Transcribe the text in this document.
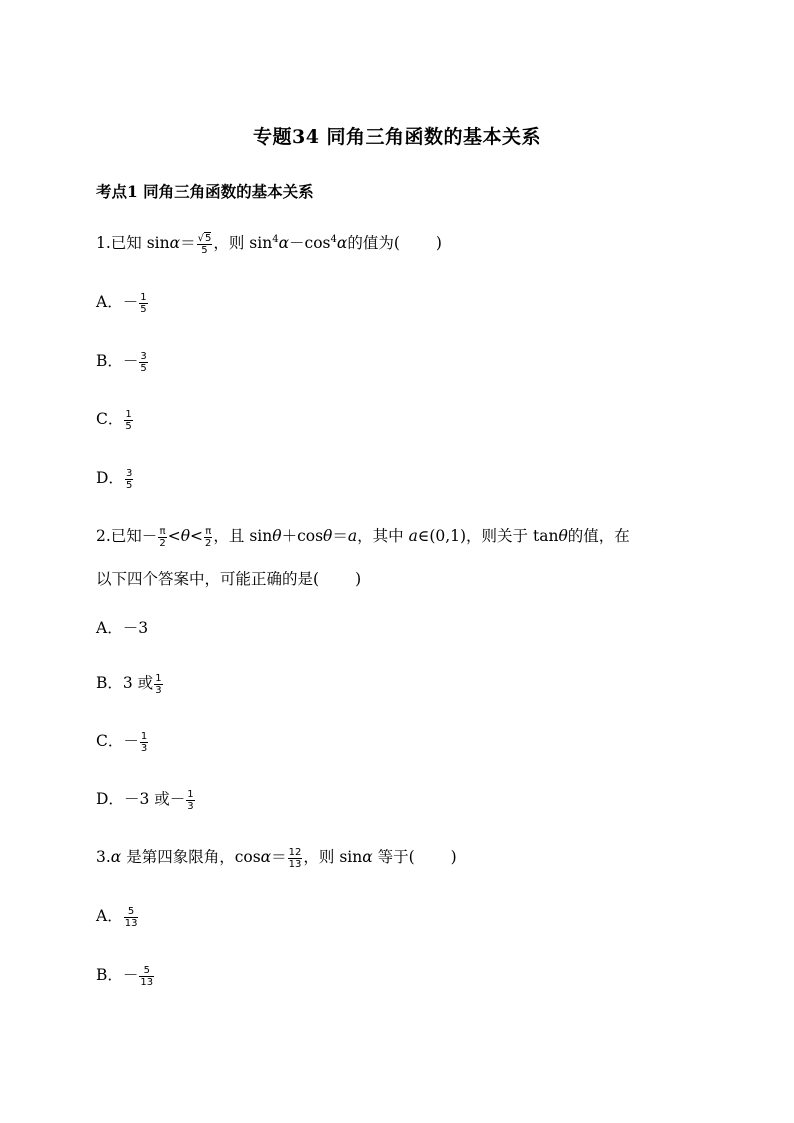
专题34 同角三角函数的基本关系
考点1 同角三角函数的基本关系
1.已知 $\sin\alpha= \frac{√5}{5}$ ，则 $\sin^4\alpha-\cos^4\alpha$的值为( )
A．－ $\frac{1}{5}$
B．－ $\frac{3}{5}$
C． $\frac{1}{5}$
D． $\frac{3}{5}$
2.已知－ $\frac{\pi}{2} <\theta< \frac{\pi}{2}$ ，且 sinθ＋cosθ＝a，其中 a∈(0,1)，则关于 tanθ的值，在
以下四个答案中，可能正确的是( )
A．－3
B．3 或 $\frac{1}{3}$
C．－ $\frac{1}{3}$
D．－3 或－ $\frac{1}{3}$
3.α 是第四象限角，$\cos\alpha= \frac{12}{13}$ ，则 sinα 等于( )
A． $\frac{5}{13}$
B．－ $\frac{5}{13}$
